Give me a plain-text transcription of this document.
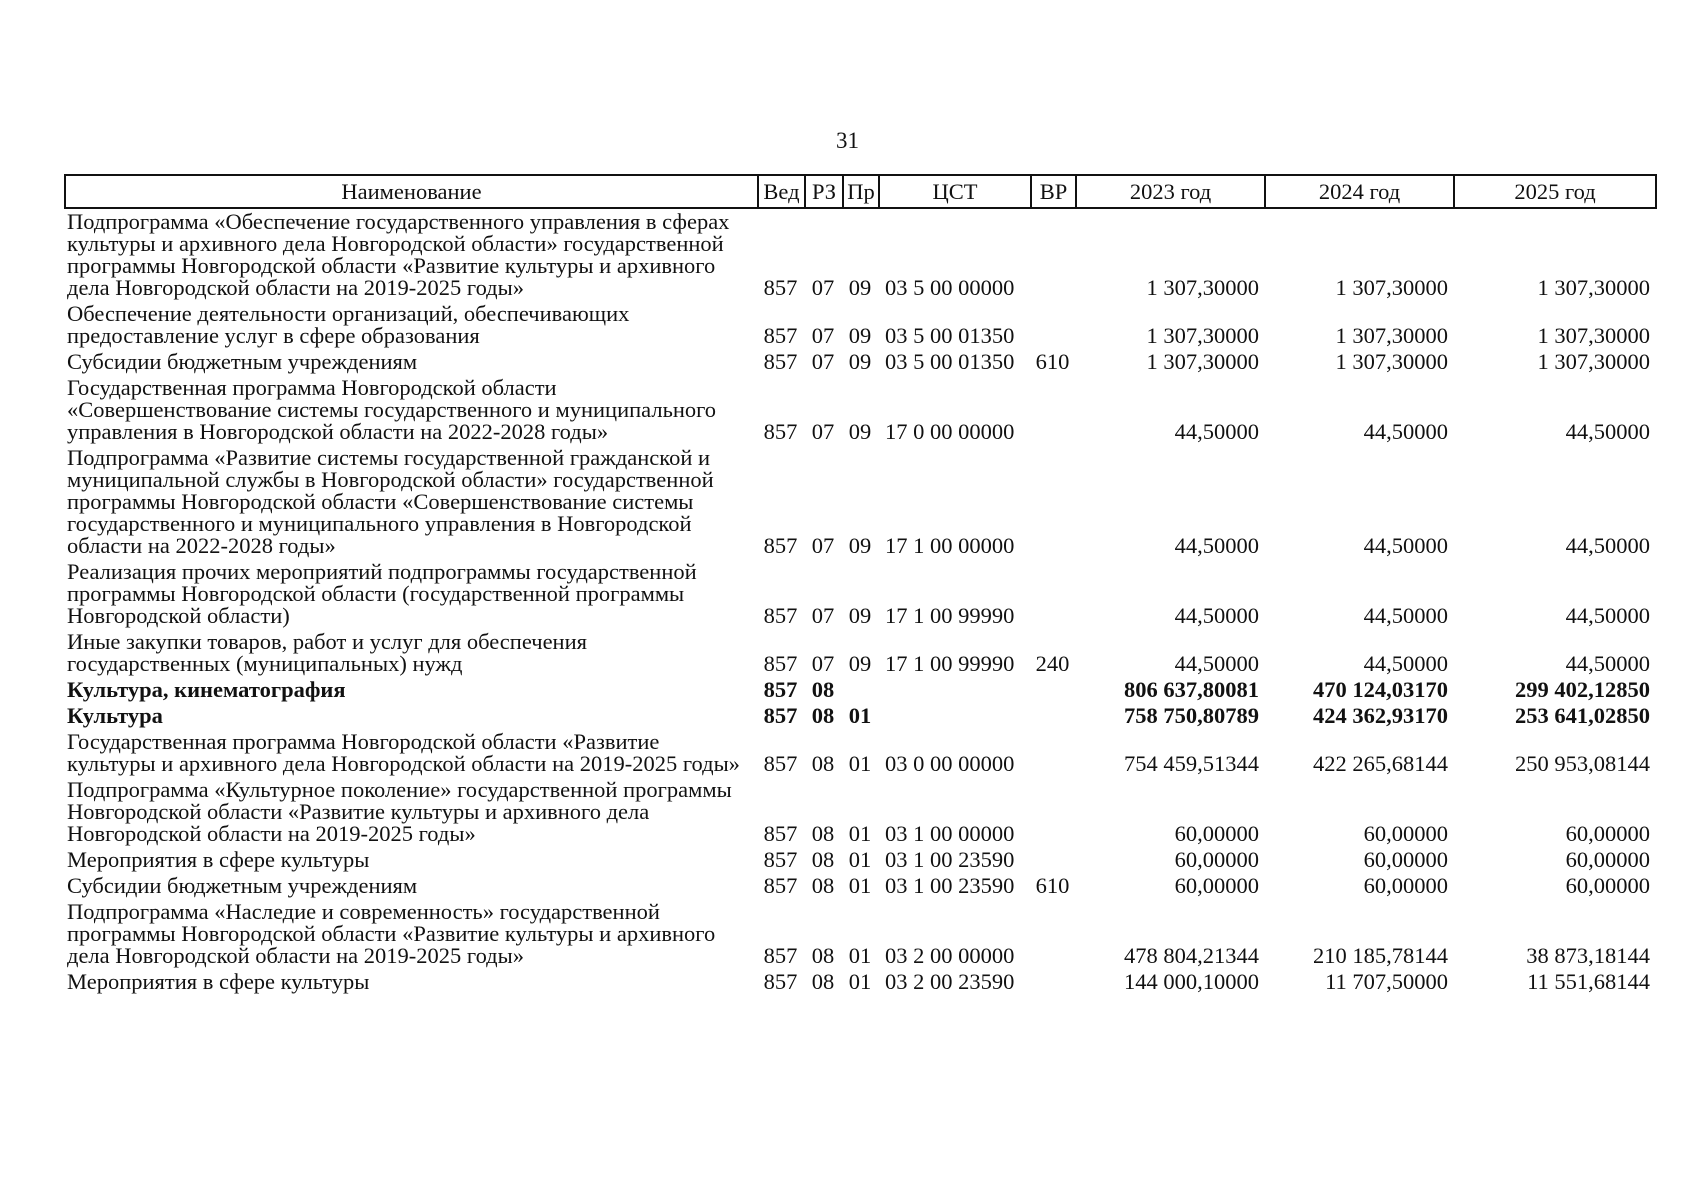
31
Наименование	Вед	РЗ	Пр	ЦСТ	ВР	2023 год	2024 год	2025 год
Подпрограмма «Обеспечение государственного управления в сферах культуры и архивного дела Новгородской области» государственной программы Новгородской области «Развитие культуры и архивного дела Новгородской области на 2019-2025 годы»	857	07	09	03 5 00 00000		1 307,30000	1 307,30000	1 307,30000
Обеспечение деятельности организаций, обеспечивающих предоставление услуг в сфере образования	857	07	09	03 5 00 01350		1 307,30000	1 307,30000	1 307,30000
Субсидии бюджетным учреждениям	857	07	09	03 5 00 01350	610	1 307,30000	1 307,30000	1 307,30000
Государственная программа Новгородской области «Совершенствование системы государственного и муниципального управления в Новгородской области на 2022-2028 годы»	857	07	09	17 0 00 00000		44,50000	44,50000	44,50000
Подпрограмма «Развитие системы государственной гражданской и муниципальной службы в Новгородской области» государственной программы Новгородской области «Совершенствование системы государственного и муниципального управления в Новгородской области на 2022-2028 годы»	857	07	09	17 1 00 00000		44,50000	44,50000	44,50000
Реализация прочих мероприятий подпрограммы государственной программы Новгородской области (государственной программы Новгородской области)	857	07	09	17 1 00 99990		44,50000	44,50000	44,50000
Иные закупки товаров, работ и услуг для обеспечения государственных (муниципальных) нужд	857	07	09	17 1 00 99990	240	44,50000	44,50000	44,50000
Культура, кинематография	857	08				806 637,80081	470 124,03170	299 402,12850
Культура	857	08	01			758 750,80789	424 362,93170	253 641,02850
Государственная программа Новгородской области «Развитие культуры и архивного дела Новгородской области на 2019-2025 годы»	857	08	01	03 0 00 00000		754 459,51344	422 265,68144	250 953,08144
Подпрограмма «Культурное поколение» государственной программы Новгородской области «Развитие культуры и архивного дела Новгородской области на 2019-2025 годы»	857	08	01	03 1 00 00000		60,00000	60,00000	60,00000
Мероприятия в сфере культуры	857	08	01	03 1 00 23590		60,00000	60,00000	60,00000
Субсидии бюджетным учреждениям	857	08	01	03 1 00 23590	610	60,00000	60,00000	60,00000
Подпрограмма «Наследие и современность» государственной программы Новгородской области «Развитие культуры и архивного дела Новгородской области на 2019-2025 годы»	857	08	01	03 2 00 00000		478 804,21344	210 185,78144	38 873,18144
Мероприятия в сфере культуры	857	08	01	03 2 00 23590		144 000,10000	11 707,50000	11 551,68144
